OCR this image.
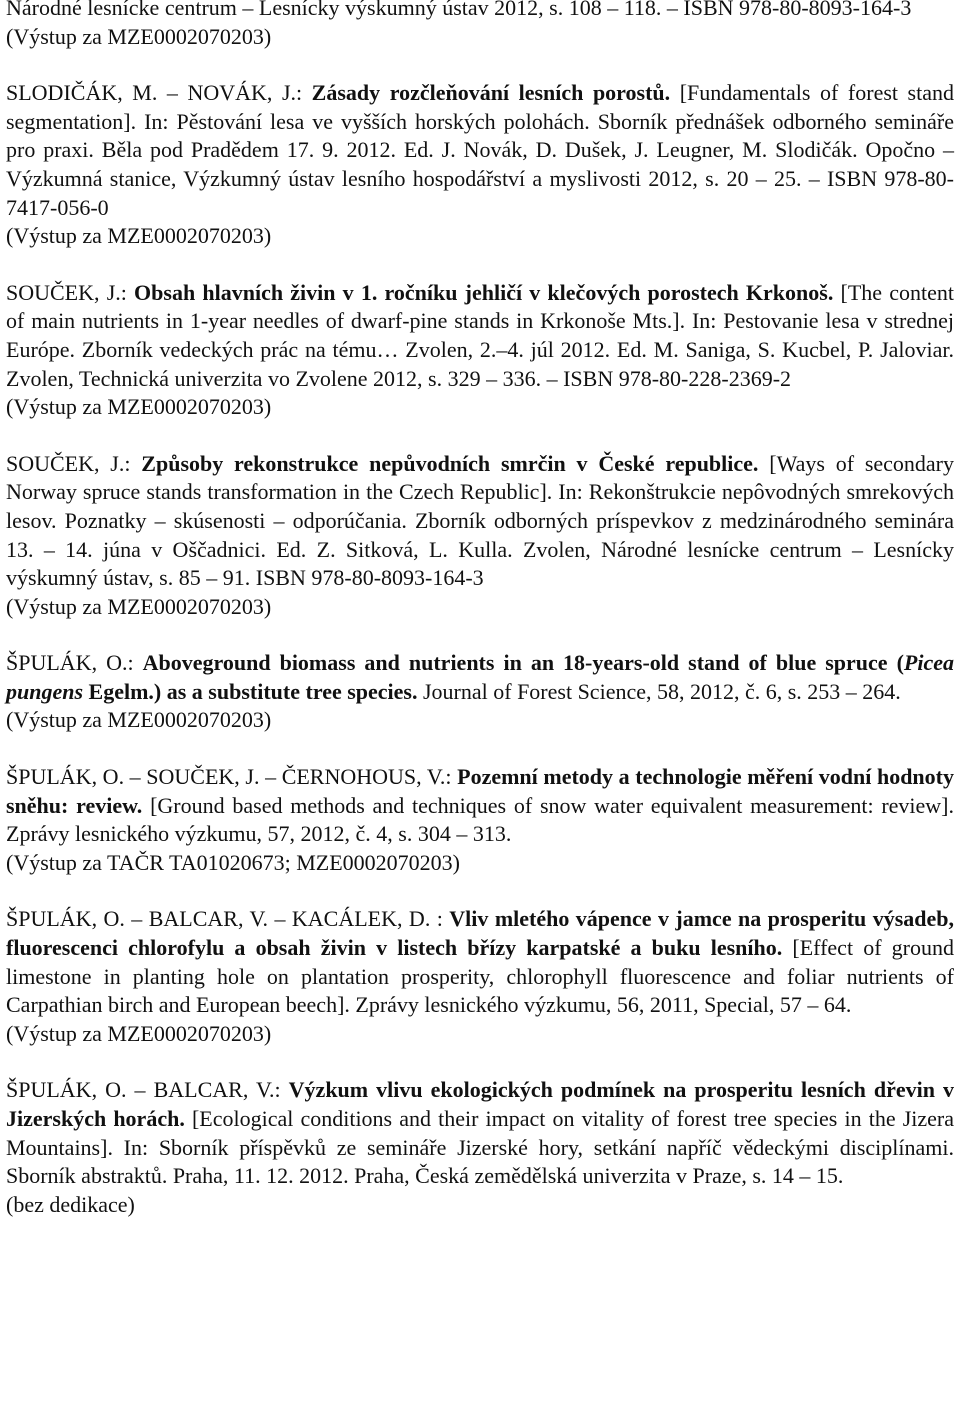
Národné lesnícke centrum – Lesnícky výskumný ústav 2012, s. 108 – 118. – ISBN 978-80-8093-164-3

(Výstup za MZE0002070203)

SLODIČÁK, M. – NOVÁK, J.: Zásady rozčleňování lesních porostů. [Fundamentals of forest stand segmentation]. In: Pěstování lesa ve vyšších horských polohách. Sborník přednášek odborného semináře pro praxi. Běla pod Pradědem 17. 9. 2012. Ed. J. Novák, D. Dušek, J. Leugner, M. Slodičák. Opočno – Výzkumná stanice, Výzkumný ústav lesního hospodářství a myslivosti 2012, s. 20 – 25. – ISBN 978-80-7417-056-0

(Výstup za MZE0002070203)

SOUČEK, J.: Obsah hlavních živin v 1. ročníku jehličí v klečových porostech Krkonoš. [The content of main nutrients in 1-year needles of dwarf-pine stands in Krkonoše Mts.]. In: Pestovanie lesa v strednej Európe. Zborník vedeckých prác na tému… Zvolen, 2.–4. júl 2012. Ed. M. Saniga, S. Kucbel, P. Jaloviar. Zvolen, Technická univerzita vo Zvolene 2012, s. 329 – 336. – ISBN 978-80-228-2369-2

(Výstup za MZE0002070203)

SOUČEK, J.: Způsoby rekonstrukce nepůvodních smrčin v České republice. [Ways of secondary Norway spruce stands transformation in the Czech Republic]. In: Rekonštrukcie nepôvodných smrekových lesov. Poznatky – skúsenosti – odporúčania. Zborník odborných príspevkov z medzinárodného seminára 13. – 14. júna v Oščadnici. Ed. Z. Sitková, L. Kulla. Zvolen, Národné lesnícke centrum – Lesnícky výskumný ústav, s. 85 – 91. ISBN 978-80-8093-164-3

(Výstup za MZE0002070203)

ŠPULÁK, O.: Aboveground biomass and nutrients in an 18-years-old stand of blue spruce (Picea pungens Egelm.) as a substitute tree species. Journal of Forest Science, 58, 2012, č. 6, s. 253 – 264.

(Výstup za MZE0002070203)

ŠPULÁK, O. – SOUČEK, J. – ČERNOHOUS, V.: Pozemní metody a technologie měření vodní hodnoty sněhu: review. [Ground based methods and techniques of snow water equivalent measurement: review]. Zprávy lesnického výzkumu, 57, 2012, č. 4, s. 304 – 313.

(Výstup za TAČR TA01020673; MZE0002070203)

ŠPULÁK, O. – BALCAR, V. – KACÁLEK, D. : Vliv mletého vápence v jamce na prosperitu výsadeb, fluorescenci chlorofylu a obsah živin v listech břízy karpatské a buku lesního. [Effect of ground limestone in planting hole on plantation prosperity, chlorophyll fluorescence and foliar nutrients of Carpathian birch and European beech]. Zprávy lesnického výzkumu, 56, 2011, Special, 57 – 64.

(Výstup za MZE0002070203)

ŠPULÁK, O. – BALCAR, V.: Výzkum vlivu ekologických podmínek na prosperitu lesních dřevin v Jizerských horách. [Ecological conditions and their impact on vitality of forest tree species in the Jizera Mountains]. In: Sborník příspěvků ze semináře Jizerské hory, setkání napříč vědeckými disciplínami. Sborník abstraktů. Praha, 11. 12. 2012. Praha, Česká zemědělská univerzita v Praze, s. 14 – 15.

(bez dedikace)
